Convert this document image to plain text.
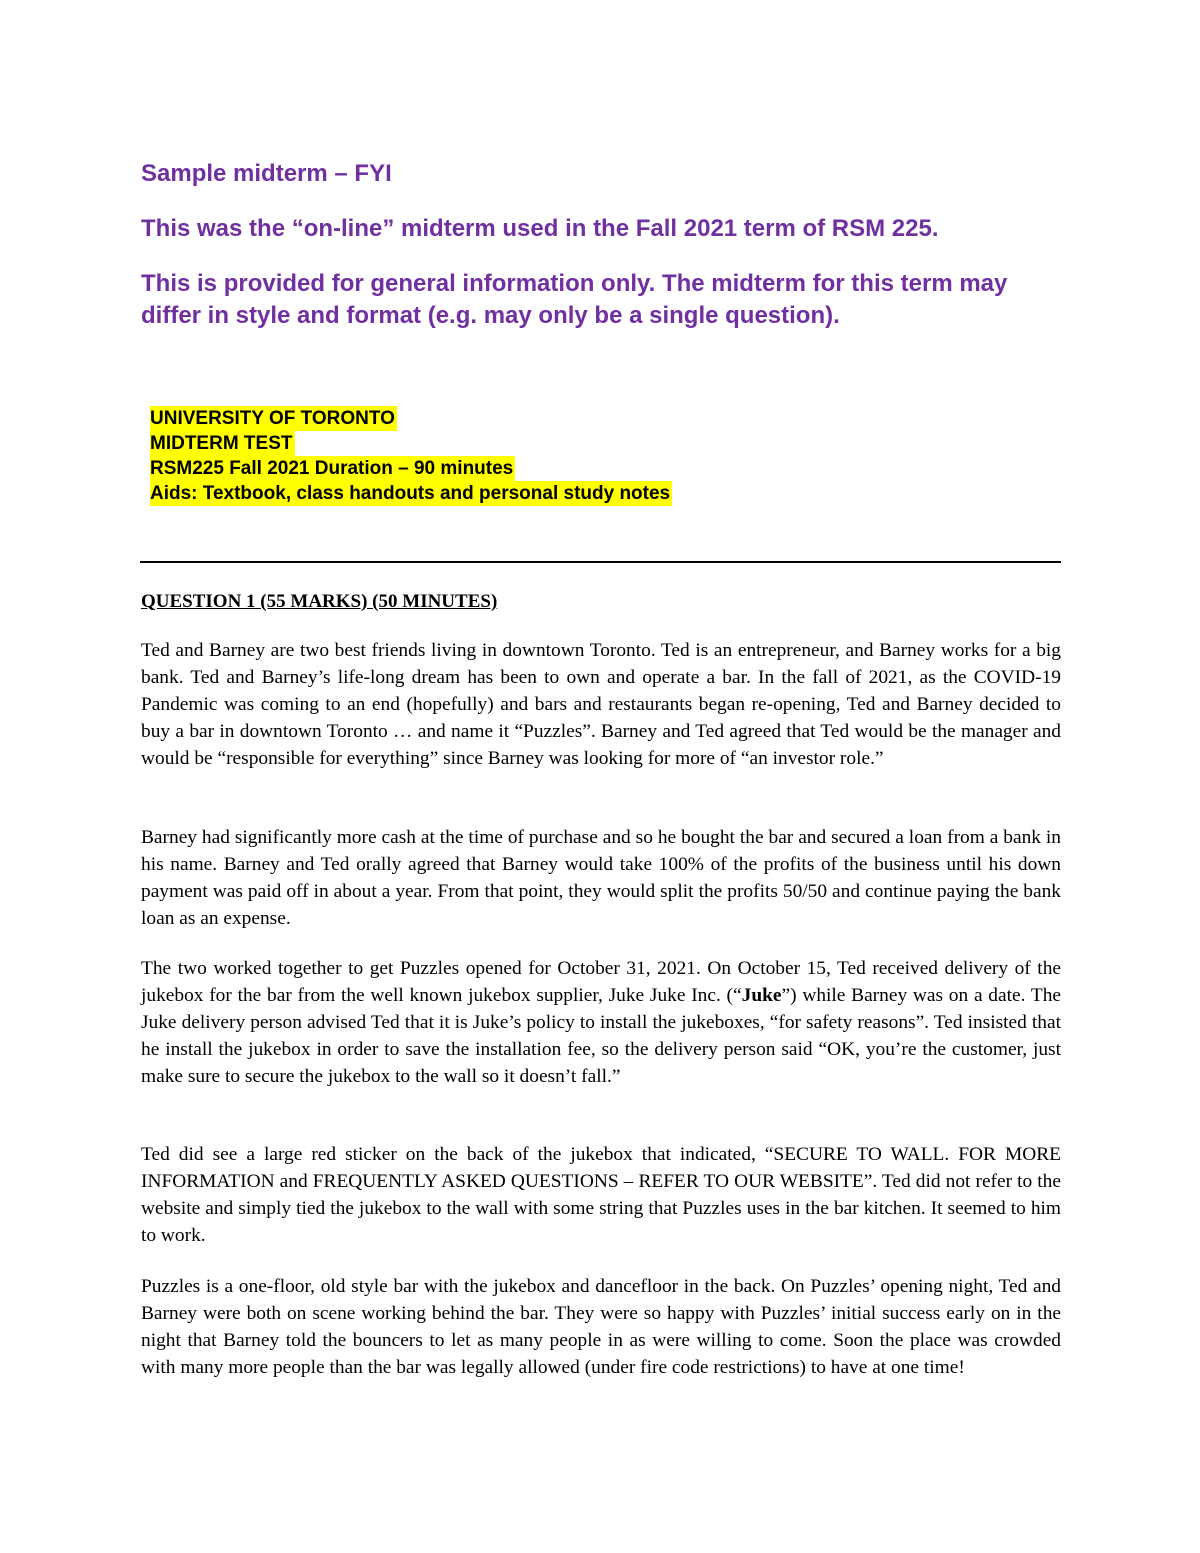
Sample midterm – FYI

This was the “on-line” midterm used in the Fall 2021 term of RSM 225.

This is provided for general information only. The midterm for this term may differ in style and format (e.g. may only be a single question).

UNIVERSITY OF TORONTO
MIDTERM TEST
RSM225 Fall 2021 Duration – 90 minutes
Aids: Textbook, class handouts and personal study notes

QUESTION 1 (55 MARKS) (50 MINUTES)

Ted and Barney are two best friends living in downtown Toronto. Ted is an entrepreneur, and Barney works for a big bank. Ted and Barney’s life-long dream has been to own and operate a bar. In the fall of 2021, as the COVID-19 Pandemic was coming to an end (hopefully) and bars and restaurants began re-opening, Ted and Barney decided to buy a bar in downtown Toronto … and name it “Puzzles”. Barney and Ted agreed that Ted would be the manager and would be “responsible for everything” since Barney was looking for more of “an investor role.”

Barney had significantly more cash at the time of purchase and so he bought the bar and secured a loan from a bank in his name. Barney and Ted orally agreed that Barney would take 100% of the profits of the business until his down payment was paid off in about a year. From that point, they would split the profits 50/50 and continue paying the bank loan as an expense.

The two worked together to get Puzzles opened for October 31, 2021. On October 15, Ted received delivery of the jukebox for the bar from the well known jukebox supplier, Juke Juke Inc. (“Juke”) while Barney was on a date. The Juke delivery person advised Ted that it is Juke’s policy to install the jukeboxes, “for safety reasons”. Ted insisted that he install the jukebox in order to save the installation fee, so the delivery person said “OK, you’re the customer, just make sure to secure the jukebox to the wall so it doesn’t fall.”

Ted did see a large red sticker on the back of the jukebox that indicated, “SECURE TO WALL. FOR MORE INFORMATION and FREQUENTLY ASKED QUESTIONS – REFER TO OUR WEBSITE”. Ted did not refer to the website and simply tied the jukebox to the wall with some string that Puzzles uses in the bar kitchen. It seemed to him to work.

Puzzles is a one-floor, old style bar with the jukebox and dancefloor in the back. On Puzzles’ opening night, Ted and Barney were both on scene working behind the bar. They were so happy with Puzzles’ initial success early on in the night that Barney told the bouncers to let as many people in as were willing to come. Soon the place was crowded with many more people than the bar was legally allowed (under fire code restrictions) to have at one time!
